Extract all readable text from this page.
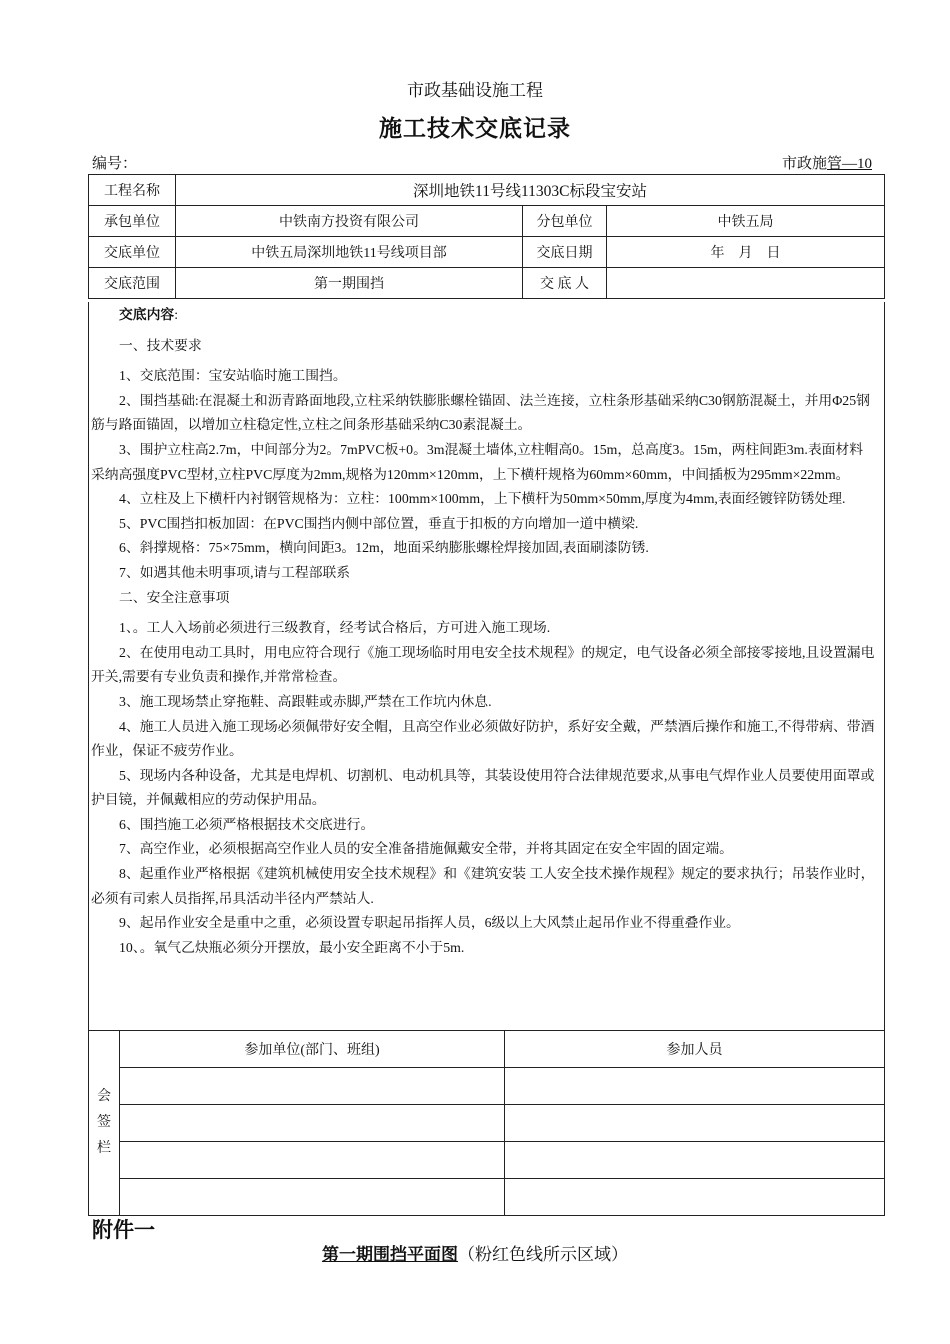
市政基础设施工程
施工技术交底记录
编号：	市政施管—10
工程名称	深圳地铁11号线11303C标段宝安站		
承包单位	中铁南方投资有限公司	分包单位	中铁五局
交底单位	中铁五局深圳地铁11号线项目部	交底日期	年　月　日
交底范围	第一期围挡	交 底 人	

交底内容:

一、技术要求

1、交底范围：宝安站临时施工围挡。

2、围挡基础:在混凝土和沥青路面地段,立柱采纳铁膨胀螺栓锚固、法兰连接，立柱条形基础采纳C30钢筋混凝土，并用Φ25钢筋与路面锚固，以增加立柱稳定性,立柱之间条形基础采纳C30素混凝土。

3、围护立柱高2.7m，中间部分为2。7mPVC板+0。3m混凝土墙体,立柱帽高0。15m，总高度3。15m，两柱间距3m.表面材料采纳高强度PVC型材,立柱PVC厚度为2mm,规格为120mm×120mm，上下横杆规格为60mm×60mm，中间插板为295mm×22mm。

4、立柱及上下横杆内衬钢管规格为：立柱：100mm×100mm，上下横杆为50mm×50mm,厚度为4mm,表面经镀锌防锈处理.

5、PVC围挡扣板加固：在PVC围挡内侧中部位置，垂直于扣板的方向增加一道中横梁.

6、斜撑规格：75×75mm，横向间距3。12m，地面采纳膨胀螺栓焊接加固,表面刷漆防锈.

7、如遇其他未明事项,请与工程部联系

二、安全注意事项

1、。工人入场前必须进行三级教育，经考试合格后，方可进入施工现场.

2、在使用电动工具时，用电应符合现行《施工现场临时用电安全技术规程》的规定，电气设备必须全部接零接地,且设置漏电开关,需要有专业负责和操作,并常常检查。

3、施工现场禁止穿拖鞋、高跟鞋或赤脚,严禁在工作坑内休息.

4、施工人员进入施工现场必须佩带好安全帽，且高空作业必须做好防护，系好安全戴，严禁酒后操作和施工,不得带病、带酒作业，保证不疲劳作业。

5、现场内各种设备，尤其是电焊机、切割机、电动机具等，其装设使用符合法律规范要求,从事电气焊作业人员要使用面罩或护目镜，并佩戴相应的劳动保护用品。

6、围挡施工必须严格根据技术交底进行。

7、高空作业，必须根据高空作业人员的安全准备措施佩戴安全带，并将其固定在安全牢固的固定端。

8、起重作业严格根据《建筑机械使用安全技术规程》和《建筑安装 工人安全技术操作规程》规定的要求执行；吊装作业时，必须有司索人员指挥,吊具活动半径内严禁站人.

9、起吊作业安全是重中之重，必须设置专职起吊指挥人员，6级以上大风禁止起吊作业不得重叠作业。

10、。氧气乙炔瓶必须分开摆放，最小安全距离不小于5m.

会
签
栏	参加单位(部门、班组)	参加人员

附件一
第一期围挡平面图（粉红色线所示区域）
